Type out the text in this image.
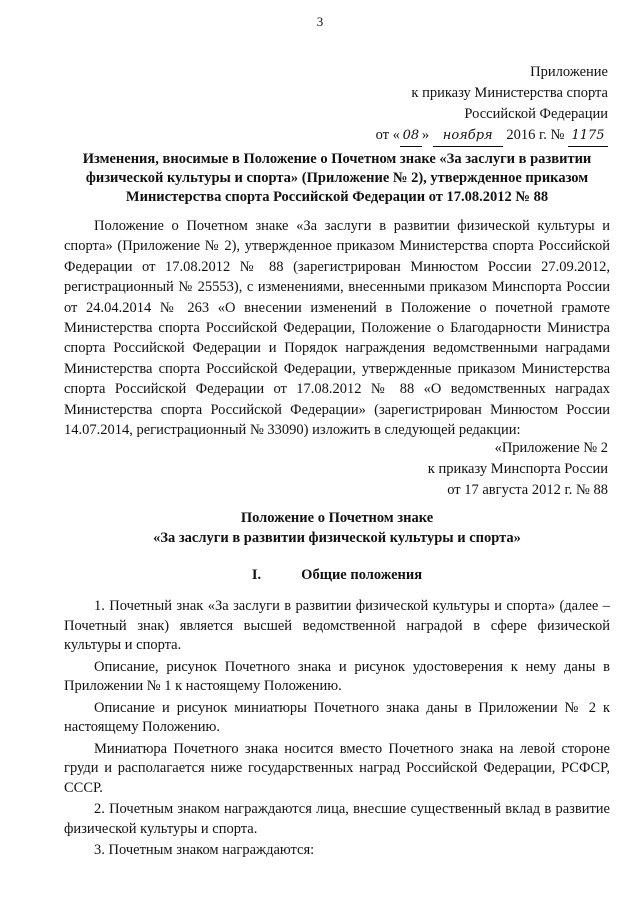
3
Приложение
к приказу Министерства спорта
Российской Федерации
от « 08 » ноября 2016 г. № 1175
Изменения, вносимые в Положение о Почетном знаке «За заслуги в развитии физической культуры и спорта» (Приложение № 2), утвержденное приказом Министерства спорта Российской Федерации от 17.08.2012 № 88

Положение о Почетном знаке «За заслуги в развитии физической культуры и спорта» (Приложение № 2), утвержденное приказом Министерства спорта Российской Федерации от 17.08.2012 № 88 (зарегистрирован Минюстом России 27.09.2012, регистрационный № 25553), с изменениями, внесенными приказом Минспорта России от 24.04.2014 № 263 «О внесении изменений в Положение о почетной грамоте Министерства спорта Российской Федерации, Положение о Благодарности Министра спорта Российской Федерации и Порядок награждения ведомственными наградами Министерства спорта Российской Федерации, утвержденные приказом Министерства спорта Российской Федерации от 17.08.2012 № 88 «О ведомственных наградах Министерства спорта Российской Федерации» (зарегистрирован Минюстом России 14.07.2014, регистрационный № 33090) изложить в следующей редакции:

«Приложение № 2
к приказу Минспорта России
от 17 августа 2012 г. № 88
Положение о Почетном знаке
«За заслуги в развитии физической культуры и спорта»
I.	Общие положения

1. Почетный знак «За заслуги в развитии физической культуры и спорта» (далее – Почетный знак) является высшей ведомственной наградой в сфере физической культуры и спорта.

Описание, рисунок Почетного знака и рисунок удостоверения к нему даны в Приложении № 1 к настоящему Положению.

Описание и рисунок миниатюры Почетного знака даны в Приложении № 2 к настоящему Положению.

Миниатюра Почетного знака носится вместо Почетного знака на левой стороне груди и располагается ниже государственных наград Российской Федерации, РСФСР, СССР.

2. Почетным знаком награждаются лица, внесшие существенный вклад в развитие физической культуры и спорта.

3. Почетным знаком награждаются:
